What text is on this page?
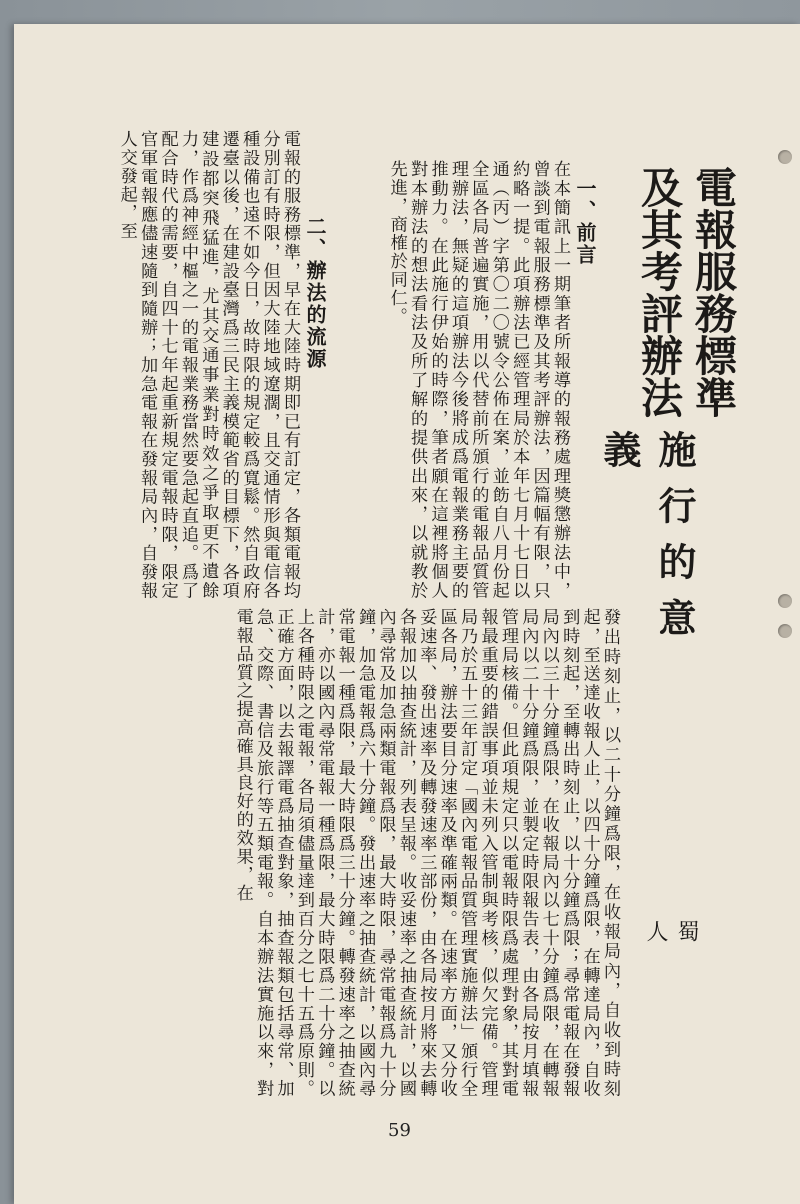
電報服務標準及其考評辦法
施行的意義
蜀人
一、前言
在本簡訊上一期筆者所報導的報務處理獎懲辦法中，曾談到電報服務標準及其考評辦法，因篇幅有限，只約略一提。此項辦法已經管理局於本年七月十七日以通（丙）字第〇二〇號令公佈在案，並飭自八月份起全區各局普遍實施，用以代替前所頒行的電報品質管理辦法，無疑的這項辦法今後將成爲電報業務主要的推動力。在此施行伊始的時際，筆者願在這裡將個人對本辦法的想法看法及所了解的提供出來，以就教於先進，商榷於同仁。
二、辦法的流源
電報的服務標準，早在大陸時期即已有訂定，各類電報均分別訂有時限，但因大陸地域遼濶，且交通情形與電信各種設備也遠不如今日，故時限的規定較爲寬鬆。然自政府遷臺以後，在建設臺灣爲三民主義模範省的目標下，各項建設都突飛猛進，尤其交通事業對時效之爭取更不遺餘力，作爲神經中樞之一的電報業務當然要急起直追。爲了配合時代的需要，自四十七年起重新規定電報時限，限定官軍電報應儘速隨到隨辦；加急電報在發報局內，自發報人交發起，至
發出時刻止，以二十分鐘爲限，在收報局內，自收到時刻起，至送達收報人止，以四十分鐘爲限，在轉達局內，自收到時刻起，至轉出時刻止，以十分鐘爲限；尋常電報在發報局內以三十分鐘爲限，在收報局內以七十分鐘爲限，在轉報局內以二十分鐘爲限，並製定時限報告表，由各局按月填報管理局核備。但此項規定只以電報時限爲處理對象，其對電報最重要的錯誤事項並未列入管制與考核，似欠完備。管理局乃於五十三年訂定「國內電報品質管理實施辦法」頒行全區各局，辦法要目分速率及準確兩類。在速率方面，又分收妥速率、發出速率及轉發速率三部份，由各局按月將來去轉各報加以抽查統計，列表呈報。收妥速率之抽查統計，以國內尋常及加急兩類電報爲限，最大時限，尋常電報爲九十分鐘，加急電報爲六十分鐘。發出速率之抽查統計，以國內尋常電報一種爲限，最大時限爲三十分鐘。轉發速率之抽查統計，亦以國內尋常電報一種爲限，最大時限爲二十分鐘。以上各種時限之電報，各局須儘量達到百分之七十五爲原則。正確方面，以去報譯電爲抽查對象，抽查報類包括尋常、加急、交際、書信及旅行等五類電報。自本辦法實施以來，對電報品質之提高確具良好的效果，在
59
